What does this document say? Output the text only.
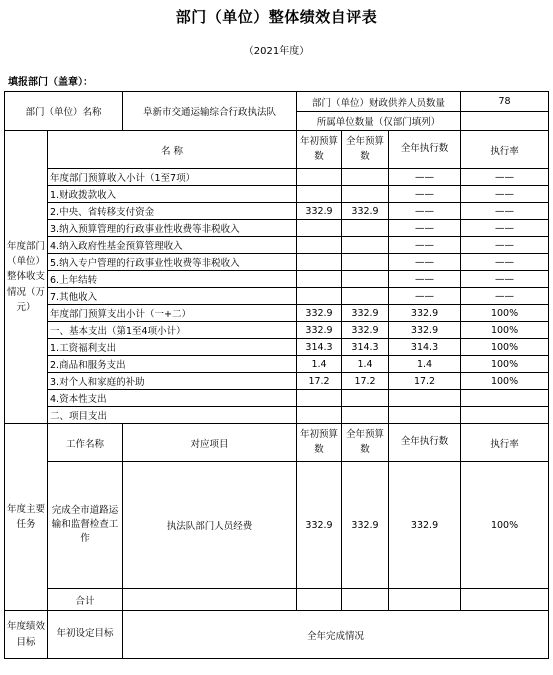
部门（单位）整体绩效自评表
（2021年度）
填报部门（盖章）：
部门（单位）名称		阜新市交通运输综合行政执法队	部门（单位）财政供养人员数量			78
			所属单位数量（仅部门填列）			
年度部门（单位）整体收支情况（万元）	名 称		年初预算数	全年预算数	全年执行数	执行率
	年度部门预算收入小计（1至7项）				——	——
	1.财政拨款收入				——	——
	2.中央、省转移支付资金		332.9	332.9	——	——
	3.纳入预算管理的行政事业性收费等非税收入				——	——
	4.纳入政府性基金预算管理收入				——	——
	5.纳入专户管理的行政事业性收费等非税收入				——	——
	6.上年结转				——	——
	7.其他收入				——	——
	年度部门预算支出小计（一+二）		332.9	332.9	332.9	100%
	一、基本支出（第1至4项小计）		332.9	332.9	332.9	100%
	1.工资福利支出		314.3	314.3	314.3	100%
	2.商品和服务支出		1.4	1.4	1.4	100%
	3.对个人和家庭的补助		17.2	17.2	17.2	100%
	4.资本性支出					
	二、项目支出					
年度主要任务	工作名称	对应项目	年初预算数	全年预算数	全年执行数	执行率
	完成全市道路运输和监督检查工作	执法队部门人员经费	332.9	332.9	332.9	100%
	合计					
年度绩效目标	年初设定目标	全年完成情况				
